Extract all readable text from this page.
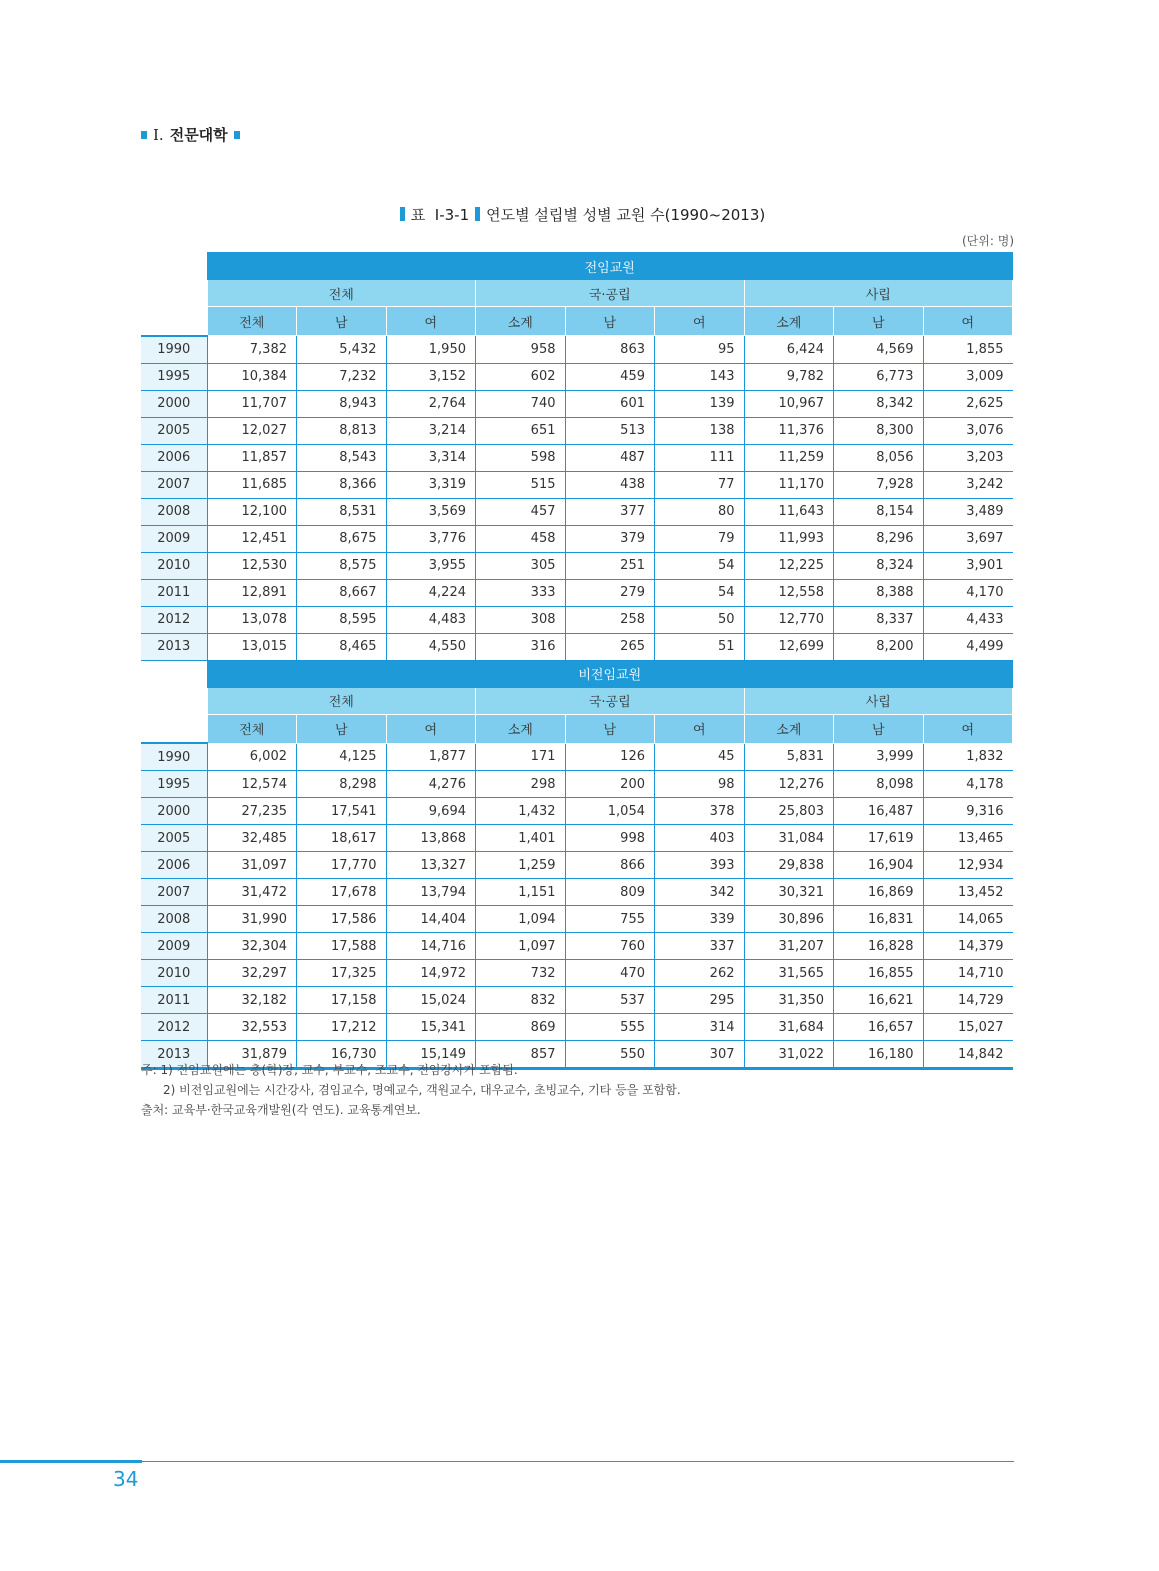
I. 전문대학
표 Ⅰ-3-1 연도별 설립별 성별 교원 수(1990~2013)
(단위: 명)
	전임교원								
	전체			국·공립			사립		
	전체	남	여	소계	남	여	소계	남	여
1990	7,382	5,432	1,950	958	863	95	6,424	4,569	1,855
1995	10,384	7,232	3,152	602	459	143	9,782	6,773	3,009
2000	11,707	8,943	2,764	740	601	139	10,967	8,342	2,625
2005	12,027	8,813	3,214	651	513	138	11,376	8,300	3,076
2006	11,857	8,543	3,314	598	487	111	11,259	8,056	3,203
2007	11,685	8,366	3,319	515	438	77	11,170	7,928	3,242
2008	12,100	8,531	3,569	457	377	80	11,643	8,154	3,489
2009	12,451	8,675	3,776	458	379	79	11,993	8,296	3,697
2010	12,530	8,575	3,955	305	251	54	12,225	8,324	3,901
2011	12,891	8,667	4,224	333	279	54	12,558	8,388	4,170
2012	13,078	8,595	4,483	308	258	50	12,770	8,337	4,433
2013	13,015	8,465	4,550	316	265	51	12,699	8,200	4,499
	비전임교원								
	전체			국·공립			사립		
	전체	남	여	소계	남	여	소계	남	여
1990	6,002	4,125	1,877	171	126	45	5,831	3,999	1,832
1995	12,574	8,298	4,276	298	200	98	12,276	8,098	4,178
2000	27,235	17,541	9,694	1,432	1,054	378	25,803	16,487	9,316
2005	32,485	18,617	13,868	1,401	998	403	31,084	17,619	13,465
2006	31,097	17,770	13,327	1,259	866	393	29,838	16,904	12,934
2007	31,472	17,678	13,794	1,151	809	342	30,321	16,869	13,452
2008	31,990	17,586	14,404	1,094	755	339	30,896	16,831	14,065
2009	32,304	17,588	14,716	1,097	760	337	31,207	16,828	14,379
2010	32,297	17,325	14,972	732	470	262	31,565	16,855	14,710
2011	32,182	17,158	15,024	832	537	295	31,350	16,621	14,729
2012	32,553	17,212	15,341	869	555	314	31,684	16,657	15,027
2013	31,879	16,730	15,149	857	550	307	31,022	16,180	14,842
주: 1) 전임교원에는 총(학)장, 교수, 부교수, 조교수, 전임강사가 포함됨.
2) 비전임교원에는 시간강사, 겸임교수, 명예교수, 객원교수, 대우교수, 초빙교수, 기타 등을 포함함.
출처: 교육부·한국교육개발원(각 연도). 교육통계연보.
34
